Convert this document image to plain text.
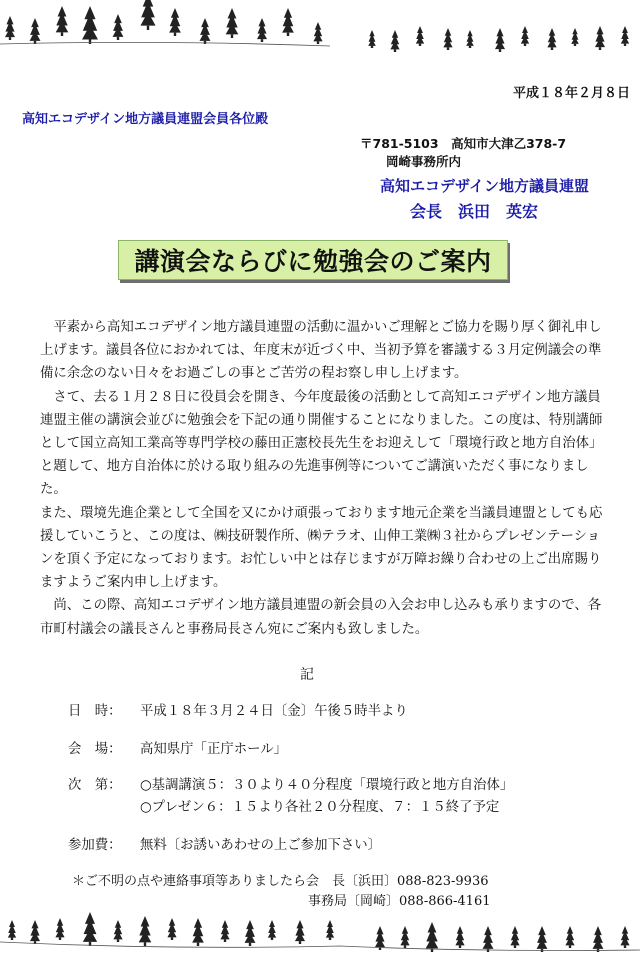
平成１８年２月８日
高知エコデザイン地方議員連盟会員各位殿
〒781-5103　高知市大津乙378-7
岡崎事務所内
高知エコデザイン地方議員連盟
会長　浜田　英宏
講演会ならびに勉強会のご案内

　平素から高知エコデザイン地方議員連盟の活動に温かいご理解とご協力を賜り厚く御礼申し上げます。議員各位におかれては、年度末が近づく中、当初予算を審議する３月定例議会の準備に余念のない日々をお過ごしの事とご苦労の程お察し申し上げます。

　さて、去る１月２８日に役員会を開き、今年度最後の活動として高知エコデザイン地方議員連盟主催の講演会並びに勉強会を下記の通り開催することになりました。この度は、特別講師として国立高知工業高等専門学校の藤田正憲校長先生をお迎えして「環境行政と地方自治体」と題して、地方自治体に於ける取り組みの先進事例等についてご講演いただく事になりました。

また、環境先進企業として全国を又にかけ頑張っております地元企業を当議員連盟としても応援していこうと、この度は、㈱技研製作所、㈱テラオ、山伸工業㈱３社からプレゼンテーションを頂く予定になっております。お忙しい中とは存じますが万障お繰り合わせの上ご出席賜りますようご案内申し上げます。

　尚、この際、高知エコデザイン地方議員連盟の新会員の入会お申し込みも承りますので、各市町村議会の議長さんと事務局長さん宛にご案内も致しました。

記
日　時：	平成１８年３月２４日〔金〕午後５時半より
会　場：	高知県庁「正庁ホール」
次　第：	○基調講演５：３０より４０分程度「環境行政と地方自治体」
○プレゼン６：１５より各社２０分程度、７：１５終了予定
参加費：	無料〔お誘いあわせの上ご参加下さい〕
＊ご不明の点や連絡事項等ありましたら会　長〔浜田〕088-823-9936
事務局〔岡崎〕088-866-4161
